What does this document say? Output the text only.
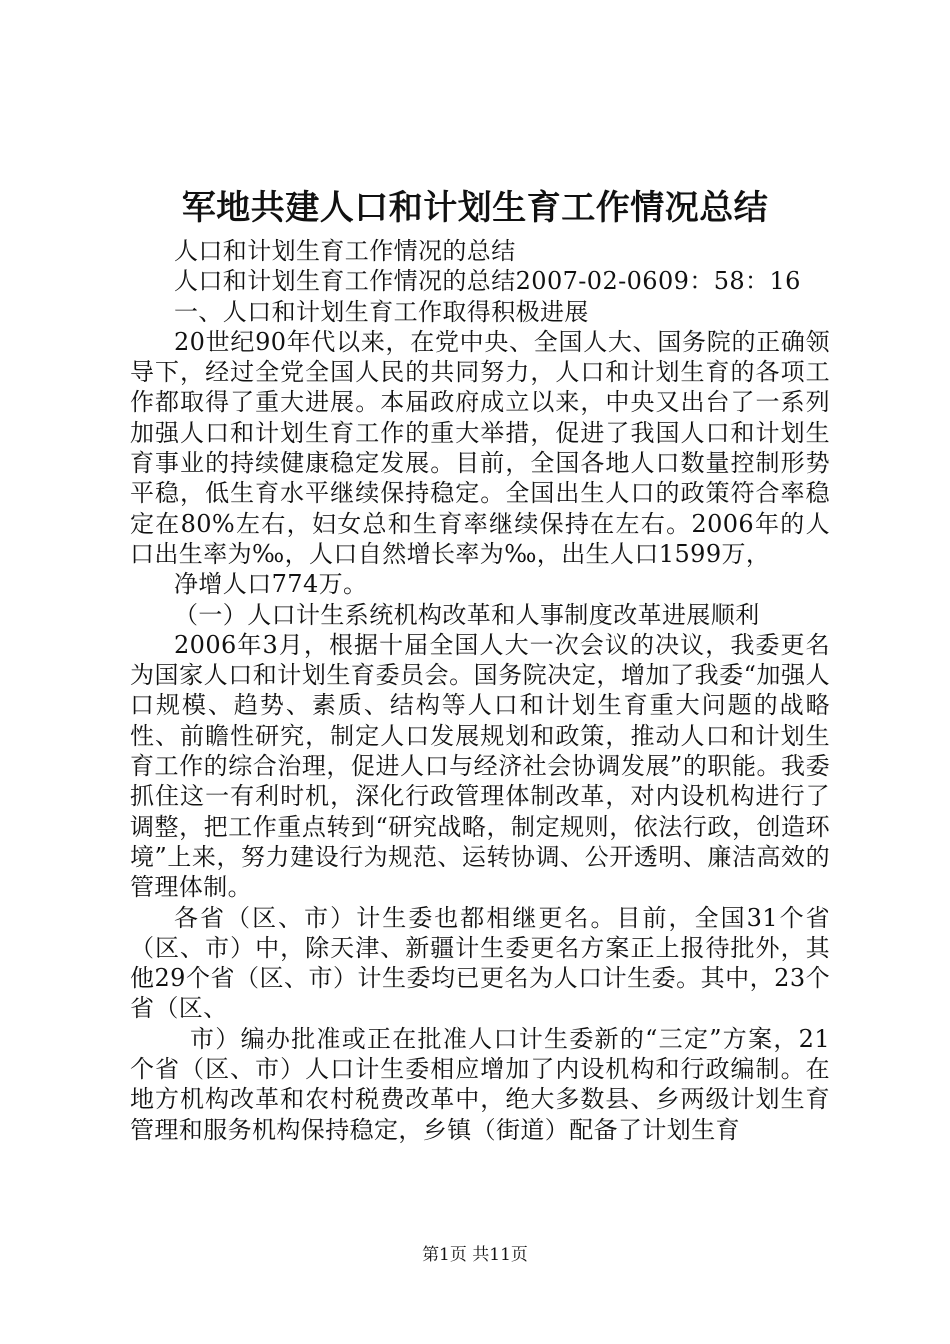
军地共建人口和计划生育工作情况总结

人口和计划生育工作情况的总结

人口和计划生育工作情况的总结2007-02-0609：58：16

一、人口和计划生育工作取得积极进展

20世纪90年代以来，在党中央、全国人大、国务院的正确领导下，经过全党全国人民的共同努力，人口和计划生育的各项工作都取得了重大进展。本届政府成立以来，中央又出台了一系列加强人口和计划生育工作的重大举措，促进了我国人口和计划生育事业的持续健康稳定发展。目前，全国各地人口数量控制形势平稳，低生育水平继续保持稳定。全国出生人口的政策符合率稳定在80%左右，妇女总和生育率继续保持在左右。2006年的人口出生率为‰，人口自然增长率为‰，出生人口1599万，

净增人口774万。

（一）人口计生系统机构改革和人事制度改革进展顺利

2006年3月，根据十届全国人大一次会议的决议，我委更名为国家人口和计划生育委员会。国务院决定，增加了我委“加强人口规模、趋势、素质、结构等人口和计划生育重大问题的战略性、前瞻性研究，制定人口发展规划和政策，推动人口和计划生育工作的综合治理，促进人口与经济社会协调发展”的职能。我委抓住这一有利时机，深化行政管理体制改革，对内设机构进行了调整，把工作重点转到“研究战略，制定规则，依法行政，创造环境”上来，努力建设行为规范、运转协调、公开透明、廉洁高效的管理体制。

各省（区、市）计生委也都相继更名。目前，全国31个省（区、市）中，除天津、新疆计生委更名方案正上报待批外，其他29个省（区、市）计生委均已更名为人口计生委。其中，23个省（区、

市）编办批准或正在批准人口计生委新的“三定”方案，21个省（区、市）人口计生委相应增加了内设机构和行政编制。在地方机构改革和农村税费改革中，绝大多数县、乡两级计划生育管理和服务机构保持稳定，乡镇（街道）配备了计划生育

第1页 共11页
